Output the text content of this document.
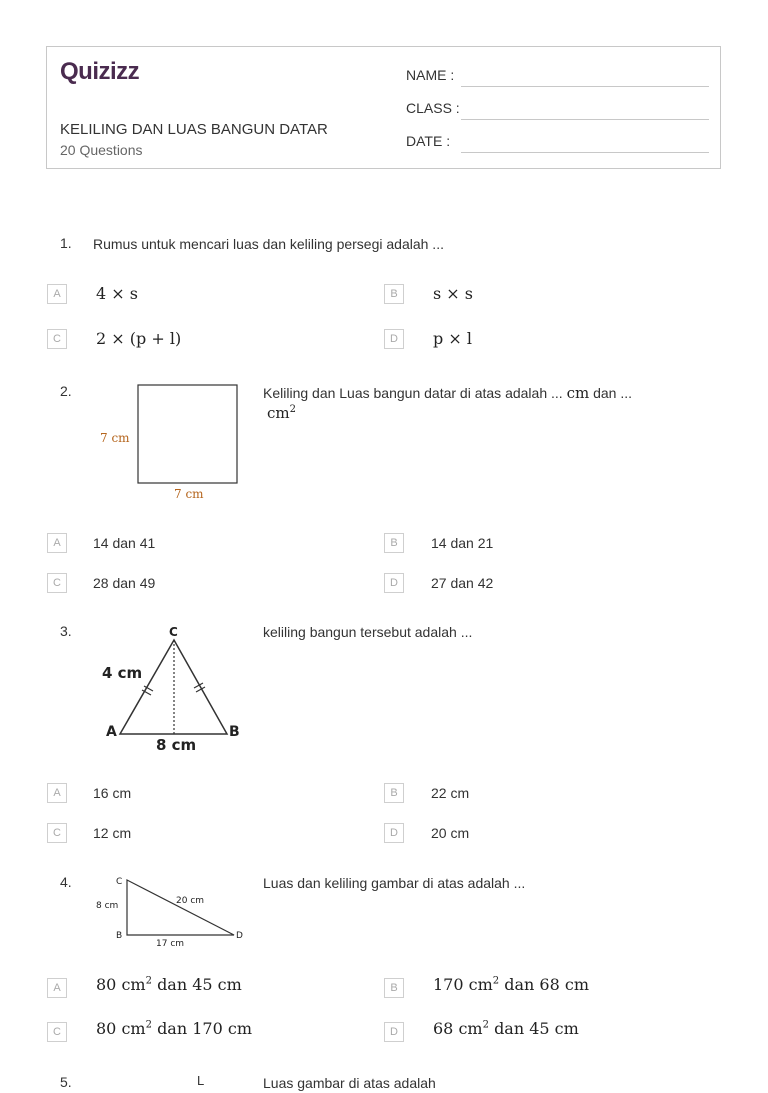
Quizizz
KELILING DAN LUAS BANGUN DATAR
20 Questions
NAME :
CLASS :
DATE :
1. Rumus untuk mencari luas dan keliling persegi adalah ...
A	4 × s	B	s × s
C	2 × (p + l)	D	p × l
2.
7 cm
7 cm
Keliling dan Luas bangun datar di atas adalah ... cm dan ...
$cm^2$
A	14 dan 41	B	14 dan 21
C	28 dan 49	D	27 dan 42
3.	C
A	B
4 cm
8 cm
keliling bangun tersebut adalah ...
A	16 cm	B	22 cm
C	12 cm	D	20 cm
4.	C
B	D
8 cm	20 cm
17 cm
Luas dan keliling gambar di atas adalah ...
A	80 $cm^2$ dan 45 cm	B	170 $cm^2$ dan 68 cm
C	80 $cm^2$ dan 170 cm	D	68 $cm^2$ dan 45 cm
5.	L	Luas gambar di atas adalah
